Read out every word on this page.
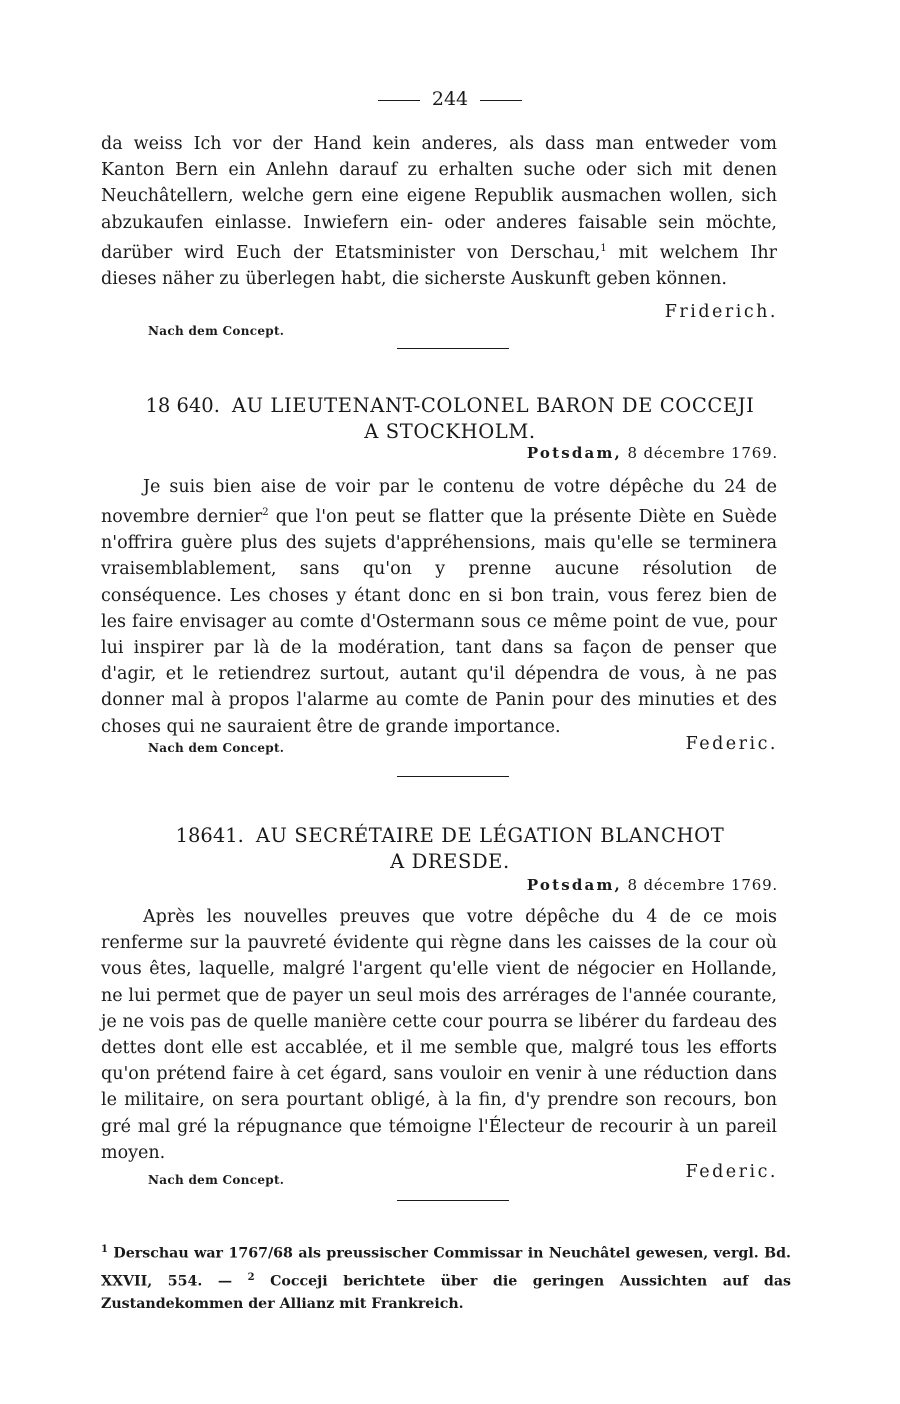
244

da weiss Ich vor der Hand kein anderes, als dass man entweder vom Kanton Bern ein Anlehn darauf zu erhalten suche oder sich mit denen Neuchâtellern, welche gern eine eigene Republik ausmachen wollen, sich abzukaufen einlasse. Inwiefern ein- oder anderes faisable sein möchte, darüber wird Euch der Etatsminister von Derschau,$^1$ mit welchem Ihr dieses näher zu überlegen habt, die sicherste Auskunft geben können.

Friderich.
Nach dem Concept.
18 640. AU LIEUTENANT-COLONEL BARON DE COCCEJI
A STOCKHOLM.
Potsdam, 8 décembre 1769.

Je suis bien aise de voir par le contenu de votre dépêche du 24 de novembre dernier$^2$ que l'on peut se flatter que la présente Diète en Suède n'offrira guère plus des sujets d'appréhensions, mais qu'elle se terminera vraisemblablement, sans qu'on y prenne aucune résolution de conséquence. Les choses y étant donc en si bon train, vous ferez bien de les faire envisager au comte d'Ostermann sous ce même point de vue, pour lui inspirer par là de la modération, tant dans sa façon de penser que d'agir, et le retiendrez surtout, autant qu'il dépendra de vous, à ne pas donner mal à propos l'alarme au comte de Panin pour des minuties et des choses qui ne sauraient être de grande importance.

Nach dem Concept.	Federic.
18641. AU SECRÉTAIRE DE LÉGATION BLANCHOT
A DRESDE.
Potsdam, 8 décembre 1769.

Après les nouvelles preuves que votre dépêche du 4 de ce mois renferme sur la pauvreté évidente qui règne dans les caisses de la cour où vous êtes, laquelle, malgré l'argent qu'elle vient de négocier en Hollande, ne lui permet que de payer un seul mois des arrérages de l'année courante, je ne vois pas de quelle manière cette cour pourra se libérer du fardeau des dettes dont elle est accablée, et il me semble que, malgré tous les efforts qu'on prétend faire à cet égard, sans vouloir en venir à une réduction dans le militaire, on sera pourtant obligé, à la fin, d'y prendre son recours, bon gré mal gré la répugnance que témoigne l'Électeur de recourir à un pareil moyen.

Nach dem Concept.	Federic.
$^1$ Derschau war 1767/68 als preussischer Commissar in Neuchâtel gewesen, vergl. Bd. XXVII, 554. — $^2$ Cocceji berichtete über die geringen Aussichten auf das Zustandekommen der Allianz mit Frankreich.
